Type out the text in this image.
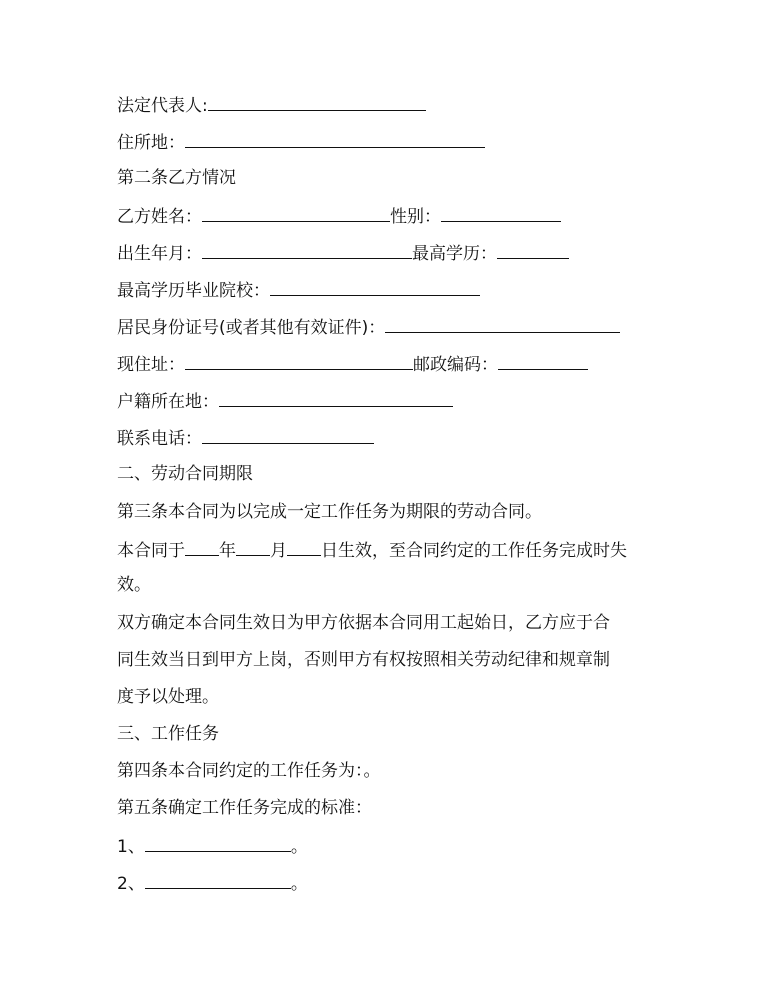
法定代表人:
住所地：
第二条乙方情况
乙方姓名：	性别：
出生年月：	最高学历：
最高学历毕业院校：
居民身份证号(或者其他有效证件)：
现住址：	邮政编码：
户籍所在地：
联系电话：
二、劳动合同期限
第三条本合同为以完成一定工作任务为期限的劳动合同。
本合同于 年 月 日生效，至合同约定的工作任务完成时失
效。
双方确定本合同生效日为甲方依据本合同用工起始日，乙方应于合
同生效当日到甲方上岗，否则甲方有权按照相关劳动纪律和规章制
度予以处理。
三、工作任务
第四条本合同约定的工作任务为：。
第五条确定工作任务完成的标准：
1、	。
2、	。
